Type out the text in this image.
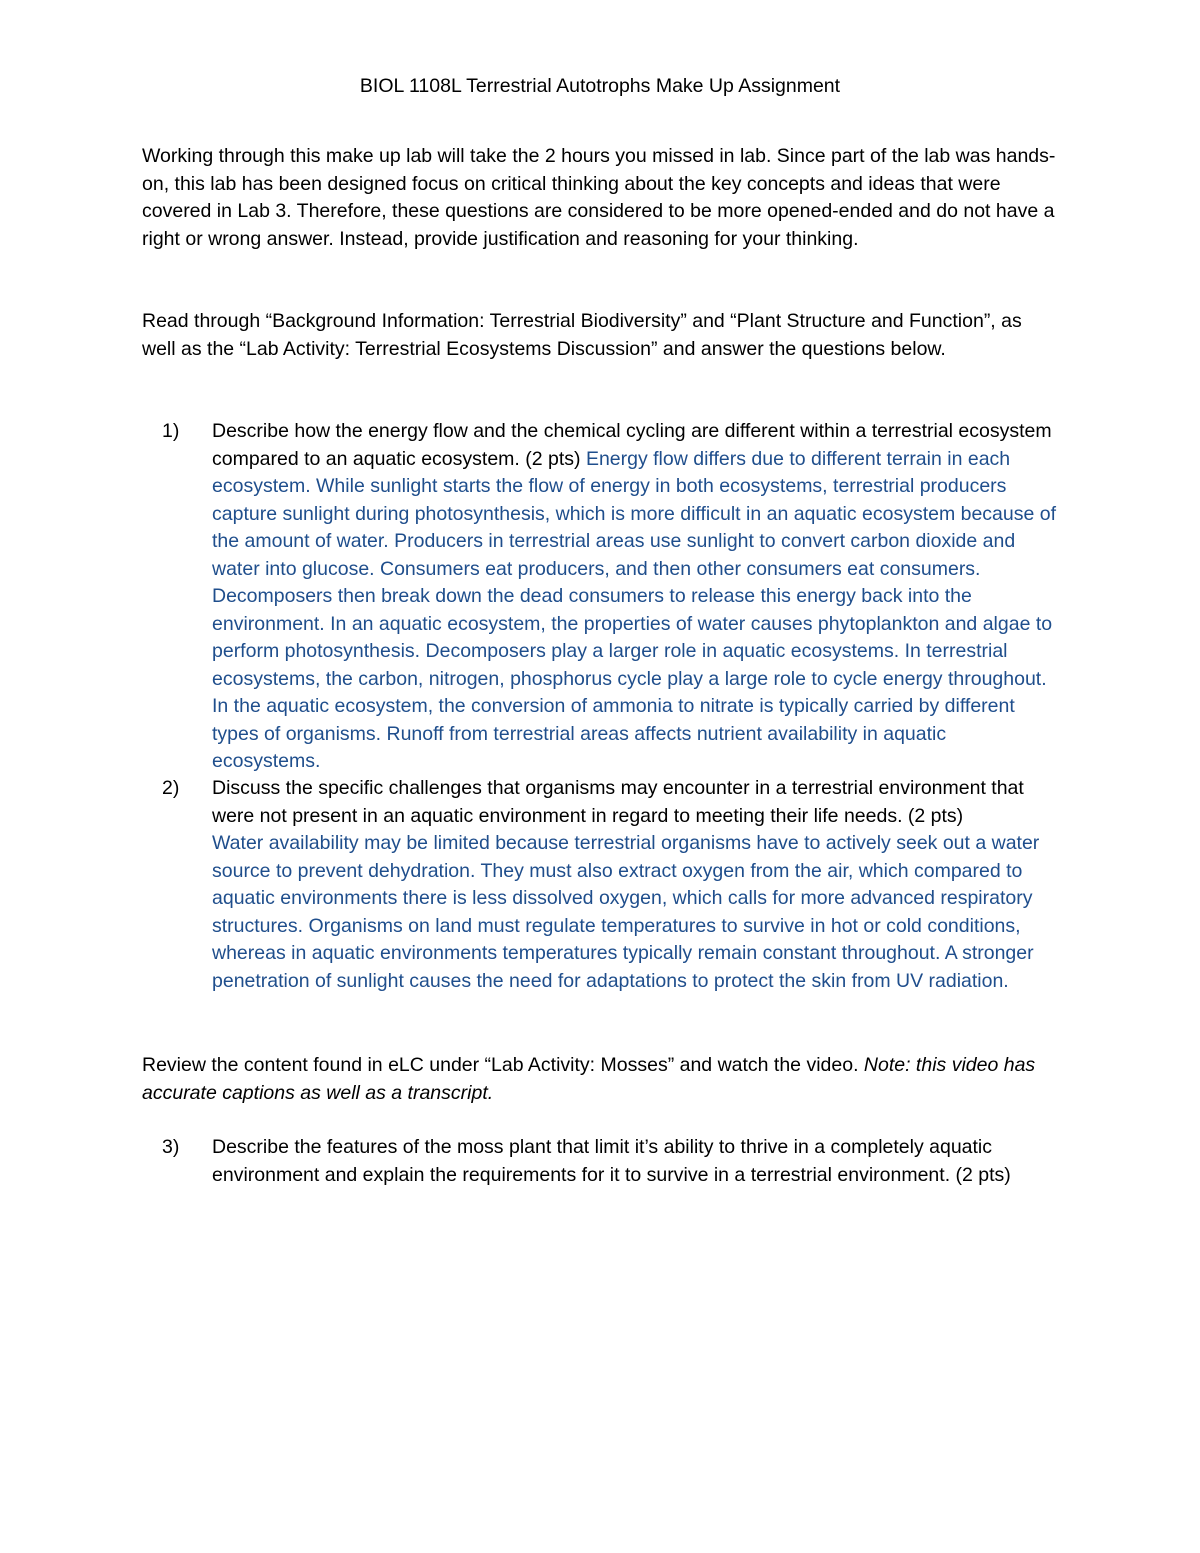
BIOL 1108L Terrestrial Autotrophs Make Up Assignment
Working through this make up lab will take the 2 hours you missed in lab. Since part of the lab was hands-on, this lab has been designed focus on critical thinking about the key concepts and ideas that were covered in Lab 3. Therefore, these questions are considered to be more opened-ended and do not have a right or wrong answer. Instead, provide justification and reasoning for your thinking.
Read through “Background Information: Terrestrial Biodiversity” and “Plant Structure and Function”, as well as the “Lab Activity: Terrestrial Ecosystems Discussion” and answer the questions below.
1)	Describe how the energy flow and the chemical cycling are different within a terrestrial ecosystem compared to an aquatic ecosystem. (2 pts) Energy flow differs due to different terrain in each ecosystem. While sunlight starts the flow of energy in both ecosystems, terrestrial producers capture sunlight during photosynthesis, which is more difficult in an aquatic ecosystem because of the amount of water. Producers in terrestrial areas use sunlight to convert carbon dioxide and water into glucose. Consumers eat producers, and then other consumers eat consumers. Decomposers then break down the dead consumers to release this energy back into the environment. In an aquatic ecosystem, the properties of water causes phytoplankton and algae to perform photosynthesis. Decomposers play a larger role in aquatic ecosystems. In terrestrial ecosystems, the carbon, nitrogen, phosphorus cycle play a large role to cycle energy throughout. In the aquatic ecosystem, the conversion of ammonia to nitrate is typically carried by different types of organisms. Runoff from terrestrial areas affects nutrient availability in aquatic ecosystems.
2)	Discuss the specific challenges that organisms may encounter in a terrestrial environment that were not present in an aquatic environment in regard to meeting their life needs. (2 pts)
Water availability may be limited because terrestrial organisms have to actively seek out a water source to prevent dehydration. They must also extract oxygen from the air, which compared to aquatic environments there is less dissolved oxygen, which calls for more advanced respiratory structures. Organisms on land must regulate temperatures to survive in hot or cold conditions, whereas in aquatic environments temperatures typically remain constant throughout. A stronger penetration of sunlight causes the need for adaptations to protect the skin from UV radiation.
Review the content found in eLC under “Lab Activity: Mosses” and watch the video. Note: this video has accurate captions as well as a transcript.
3)	Describe the features of the moss plant that limit it’s ability to thrive in a completely aquatic environment and explain the requirements for it to survive in a terrestrial environment. (2 pts)
